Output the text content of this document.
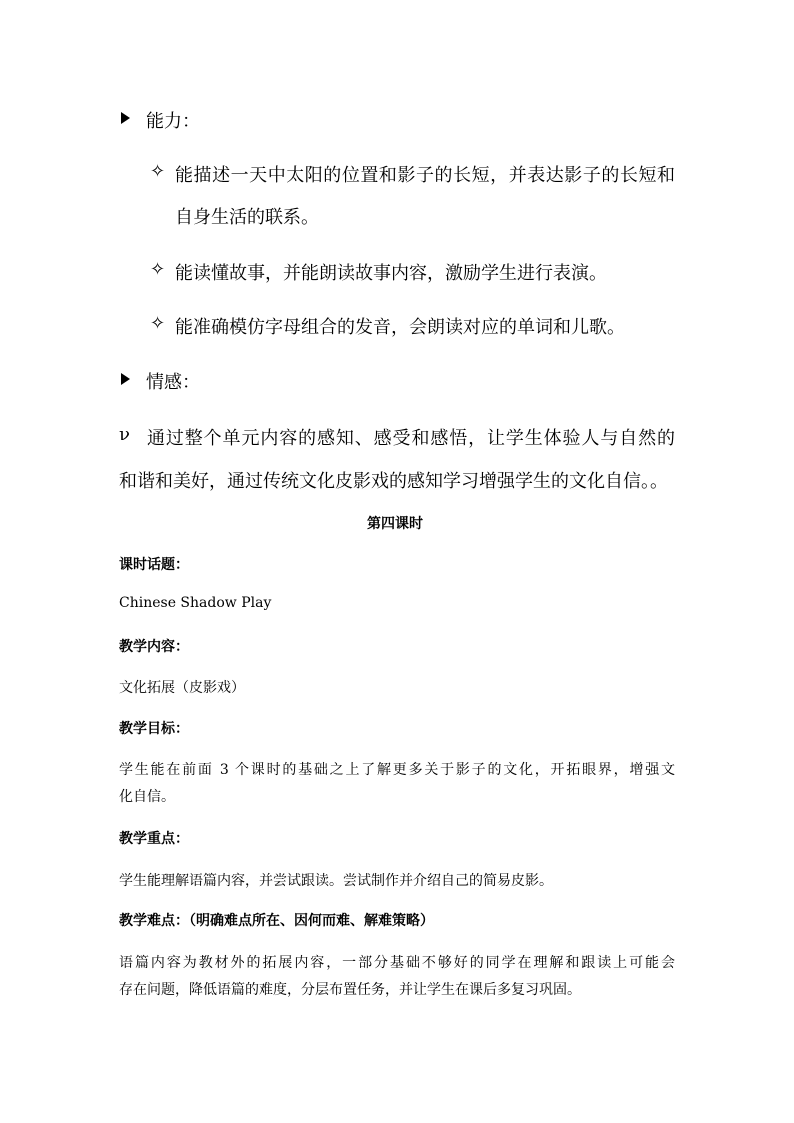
能力：
✧ 能描述一天中太阳的位置和影子的长短，并表达影子的长短和
自身生活的联系。
✧ 能读懂故事，并能朗读故事内容，激励学生进行表演。
✧ 能准确模仿字母组合的发音，会朗读对应的单词和儿歌。
情感：
ν 通过整个单元内容的感知、感受和感悟，让学生体验人与自然的
和谐和美好，通过传统文化皮影戏的感知学习增强学生的文化自信。。
第四课时
课时话题：
Chinese Shadow Play
教学内容：
文化拓展（皮影戏）
教学目标：
学生能在前面 3 个课时的基础之上了解更多关于影子的文化，开拓眼界，增强文
化自信。
教学重点：
学生能理解语篇内容，并尝试跟读。尝试制作并介绍自己的简易皮影。
教学难点：（明确难点所在、因何而难、解难策略）
语篇内容为教材外的拓展内容，一部分基础不够好的同学在理解和跟读上可能会
存在问题，降低语篇的难度，分层布置任务，并让学生在课后多复习巩固。
